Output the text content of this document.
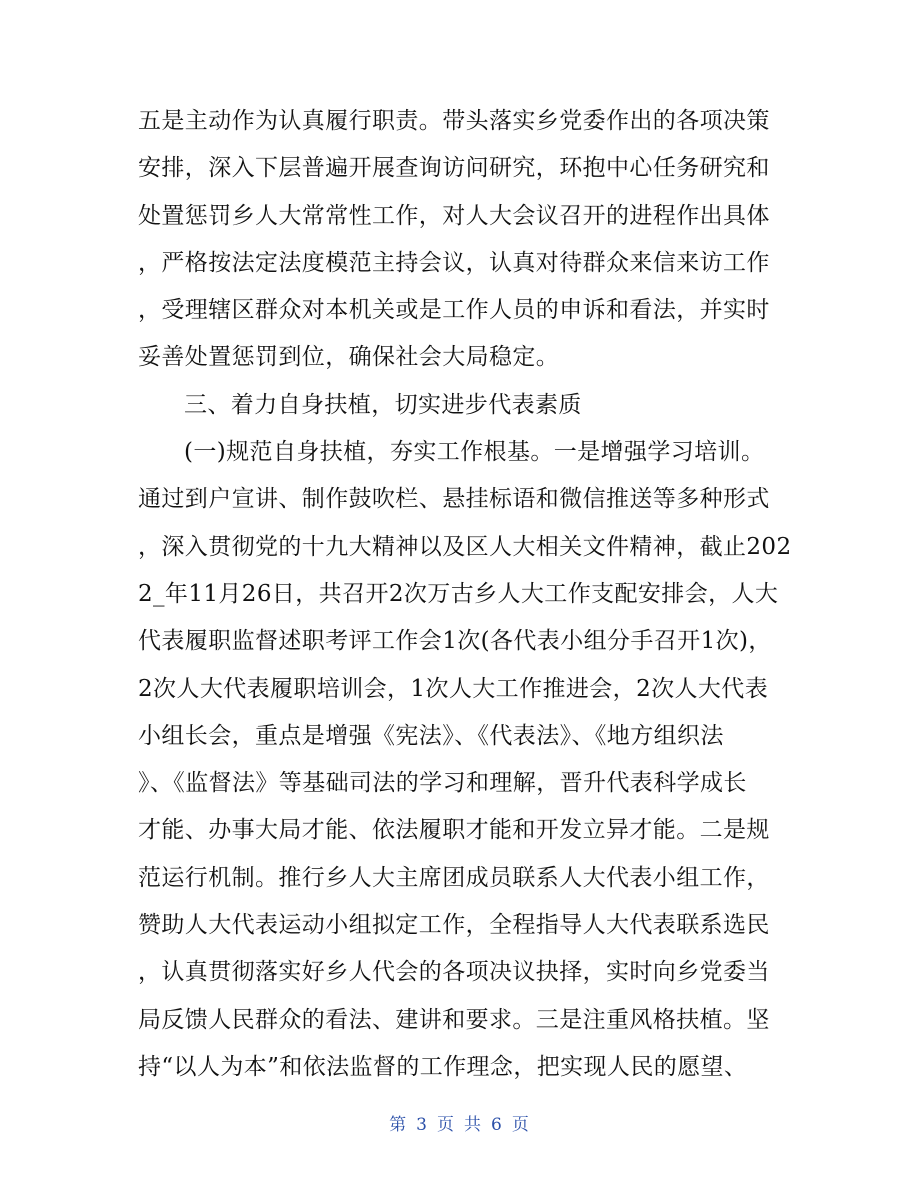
五是主动作为认真履行职责。带头落实乡党委作出的各项决策
安排，深入下层普遍开展查询访问研究，环抱中心任务研究和
处置惩罚乡人大常常性工作，对人大会议召开的进程作出具体
，严格按法定法度模范主持会议，认真对待群众来信来访工作
，受理辖区群众对本机关或是工作人员的申诉和看法，并实时
妥善处置惩罚到位，确保社会大局稳定。
三、着力自身扶植，切实进步代表素质
(一)规范自身扶植，夯实工作根基。一是增强学习培训。
通过到户宣讲、制作鼓吹栏、悬挂标语和微信推送等多种形式
，深入贯彻党的十九大精神以及区人大相关文件精神，截止202
2_年11月26日，共召开2次万古乡人大工作支配安排会，人大
代表履职监督述职考评工作会1次(各代表小组分手召开1次)，
2次人大代表履职培训会，1次人大工作推进会，2次人大代表
小组长会，重点是增强《宪法》、《代表法》、《地方组织法
》、《监督法》等基础司法的学习和理解，晋升代表科学成长
才能、办事大局才能、依法履职才能和开发立异才能。二是规
范运行机制。推行乡人大主席团成员联系人大代表小组工作，
赞助人大代表运动小组拟定工作，全程指导人大代表联系选民
，认真贯彻落实好乡人代会的各项决议抉择，实时向乡党委当
局反馈人民群众的看法、建讲和要求。三是注重风格扶植。坚
持“以人为本”和依法监督的工作理念，把实现人民的愿望、
第 3 页 共 6 页
